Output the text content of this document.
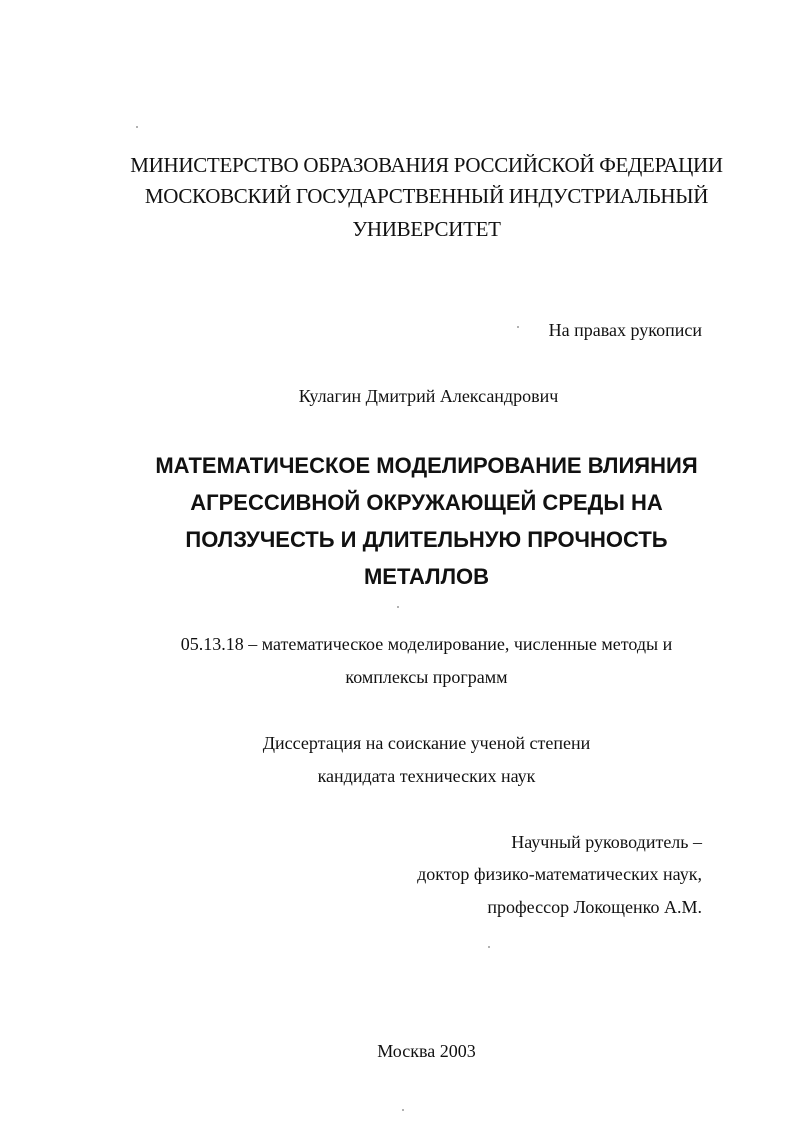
МИНИСТЕРСТВО ОБРАЗОВАНИЯ РОССИЙСКОЙ ФЕДЕРАЦИИ
МОСКОВСКИЙ ГОСУДАРСТВЕННЫЙ ИНДУСТРИАЛЬНЫЙ
УНИВЕРСИТЕТ
На правах рукописи
Кулагин Дмитрий Александрович
МАТЕМАТИЧЕСКОЕ МОДЕЛИРОВАНИЕ ВЛИЯНИЯ
АГРЕССИВНОЙ ОКРУЖАЮЩЕЙ СРЕДЫ НА
ПОЛЗУЧЕСТЬ И ДЛИТЕЛЬНУЮ ПРОЧНОСТЬ
МЕТАЛЛОВ
05.13.18 – математическое моделирование, численные методы и
комплексы программ
Диссертация на соискание ученой степени
кандидата технических наук
Научный руководитель –
доктор физико-математических наук,
профессор Локощенко А.М.
Москва 2003
